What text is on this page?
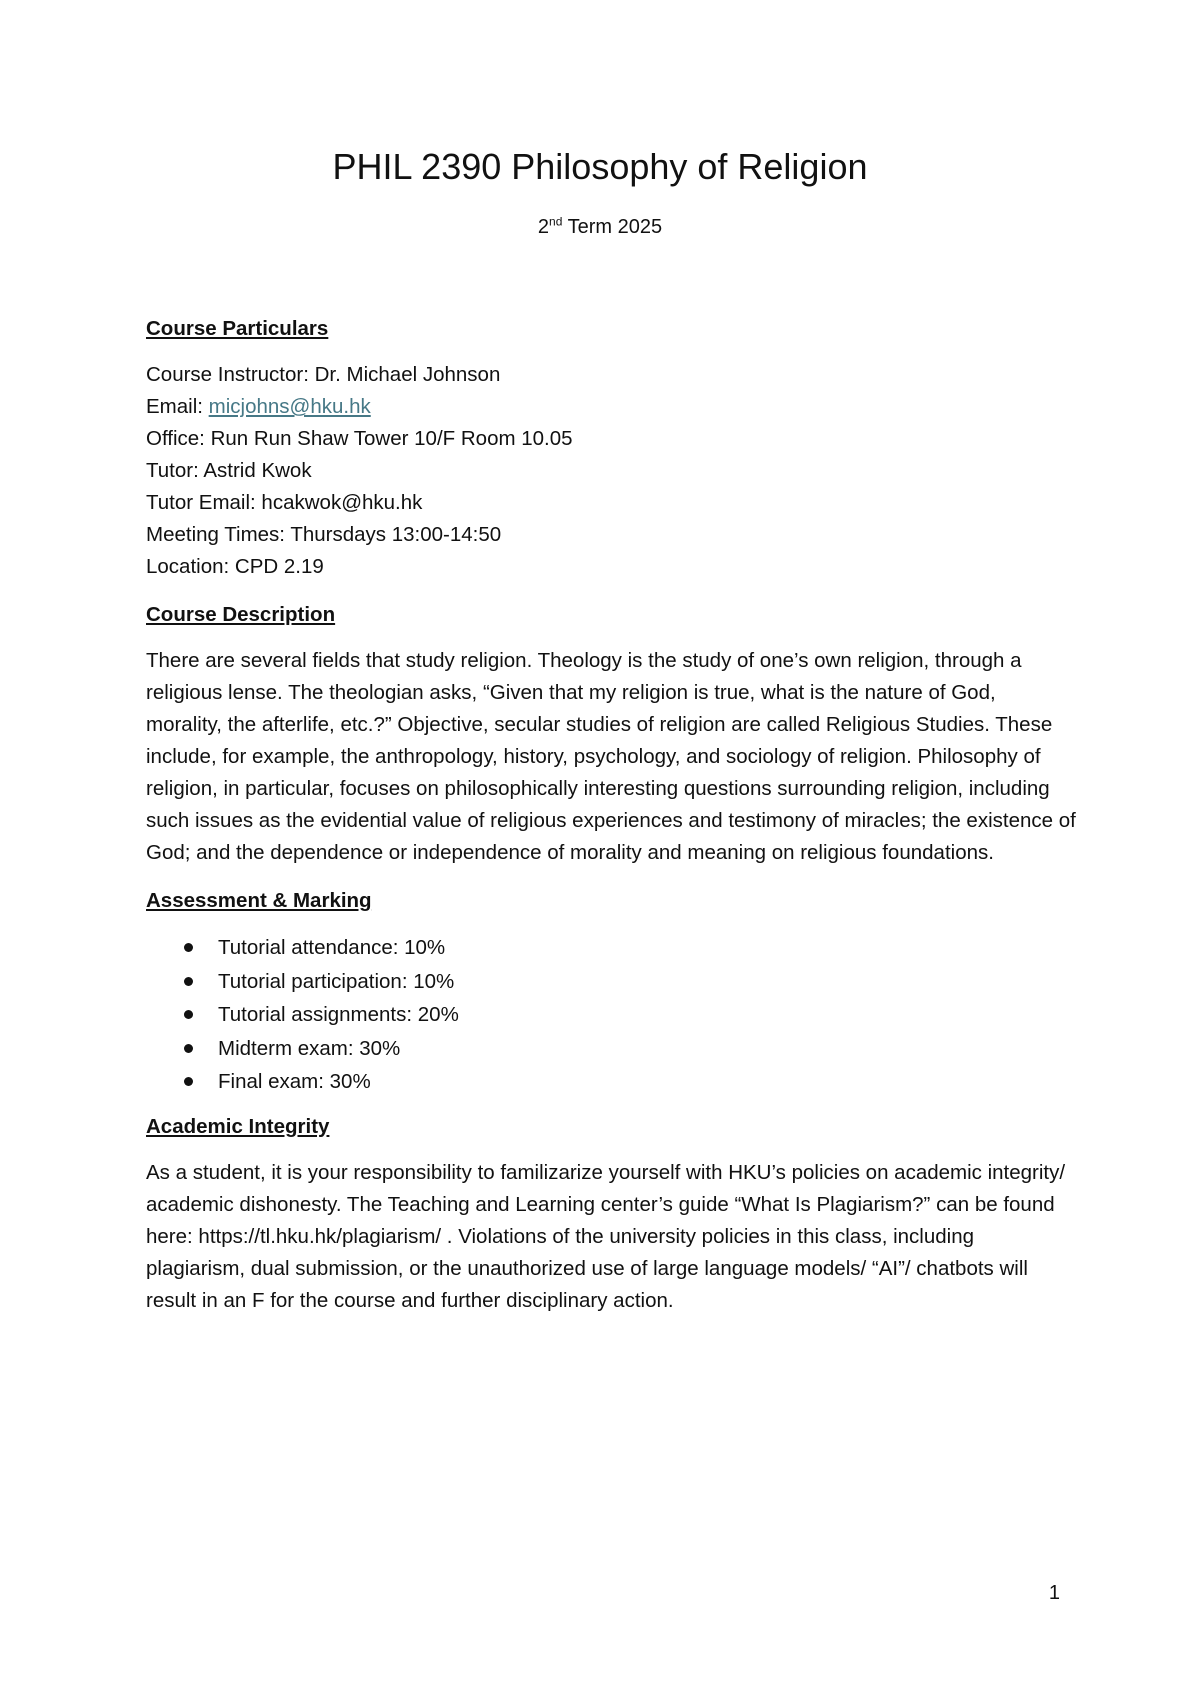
PHIL 2390 Philosophy of Religion

2nd Term 2025

Course Particulars
Course Instructor: Dr. Michael Johnson
Email: micjohns@hku.hk
Office: Run Run Shaw Tower 10/F Room 10.05
Tutor: Astrid Kwok
Tutor Email: hcakwok@hku.hk
Meeting Times: Thursdays 13:00-14:50
Location: CPD 2.19
Course Description

There are several fields that study religion. Theology is the study of one’s own religion, through a religious lense. The theologian asks, “Given that my religion is true, what is the nature of God, morality, the afterlife, etc.?” Objective, secular studies of religion are called Religious Studies. These include, for example, the anthropology, history, psychology, and sociology of religion. Philosophy of religion, in particular, focuses on philosophically interesting questions surrounding religion, including such issues as the evidential value of religious experiences and testimony of miracles; the existence of God; and the dependence or independence of morality and meaning on religious foundations.

Assessment & Marking
Tutorial attendance: 10%
Tutorial participation: 10%
Tutorial assignments: 20%
Midterm exam: 30%
Final exam: 30%
Academic Integrity

As a student, it is your responsibility to familizarize yourself with HKU’s policies on academic integrity/ academic dishonesty. The Teaching and Learning center’s guide “What Is Plagiarism?” can be found here: https://tl.hku.hk/plagiarism/ . Violations of the university policies in this class, including plagiarism, dual submission, or the unauthorized use of large language models/ “AI”/ chatbots will result in an F for the course and further disciplinary action.

1
